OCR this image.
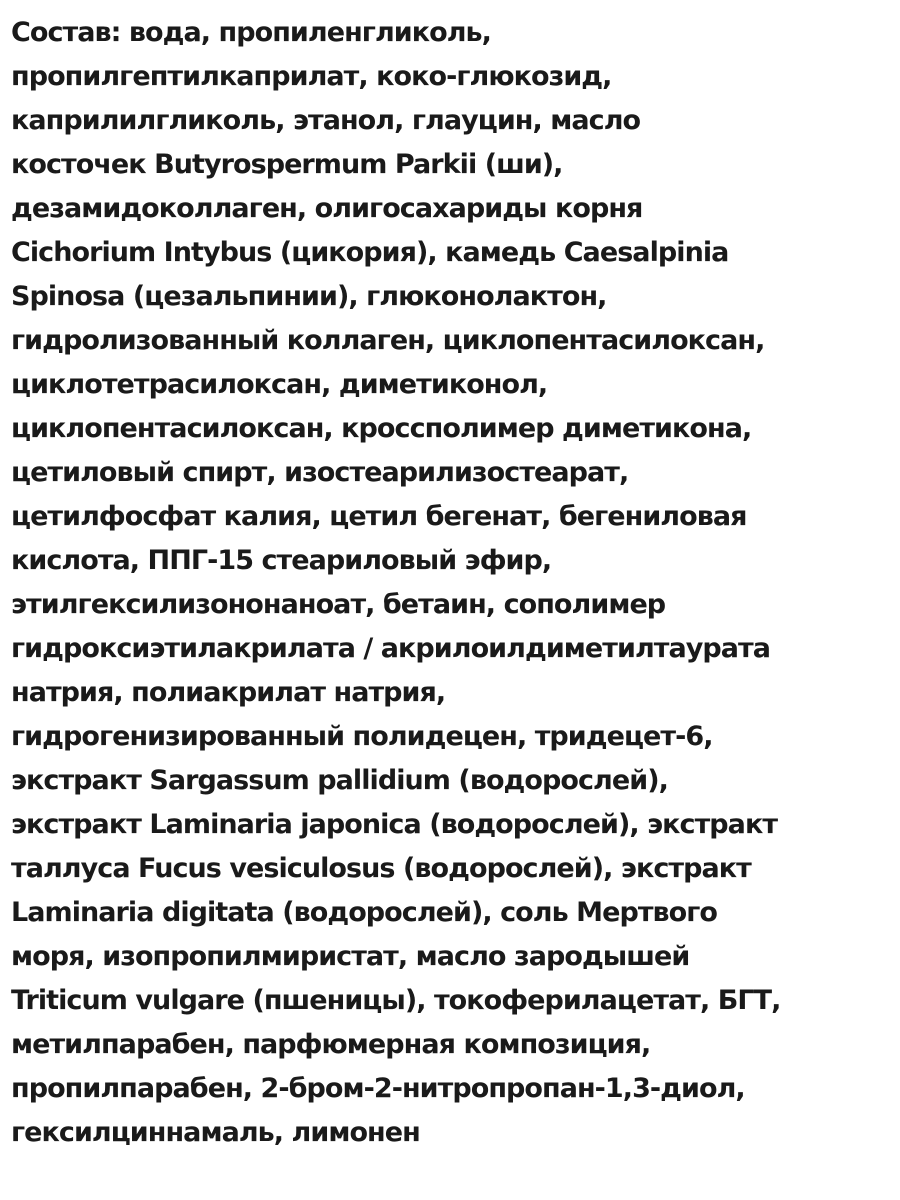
Состав: вода, пропиленгликоль,
пропилгептилкаприлат, коко-глюкозид,
каприлилгликоль, этанол, глауцин, масло
косточек Butyrospermum Parkii (ши),
дезамидоколлаген, олигосахариды корня
Cichorium Intybus (цикория), камедь Caesalpinia
Spinosa (цезальпинии), глюконолактон,
гидролизованный коллаген, циклопентасилоксан,
циклотетрасилоксан, диметиконол,
циклопентасилоксан, кроссполимер диметикона,
цетиловый спирт, изостеарилизостеарат,
цетилфосфат калия, цетил бегенат, бегениловая
кислота, ППГ-15 стеариловый эфир,
этилгексилизононаноат, бетаин, сополимер
гидроксиэтилакрилата / акрилоилдиметилтаурата
натрия, полиакрилат натрия,
гидрогенизированный полидецен, тридецет-6,
экстракт Sargassum pallidium (водорослей),
экстракт Laminaria japonica (водорослей), экстракт
таллуса Fucus vesiculosus (водорослей), экстракт
Laminaria digitata (водорослей), соль Мертвого
моря, изопропилмиристат, масло зародышей
Triticum vulgare (пшеницы), токоферилацетат, БГТ,
метилпарабен, парфюмерная композиция,
пропилпарабен, 2-бром-2-нитропропан-1,3-диол,
гексилциннамаль, лимонен
